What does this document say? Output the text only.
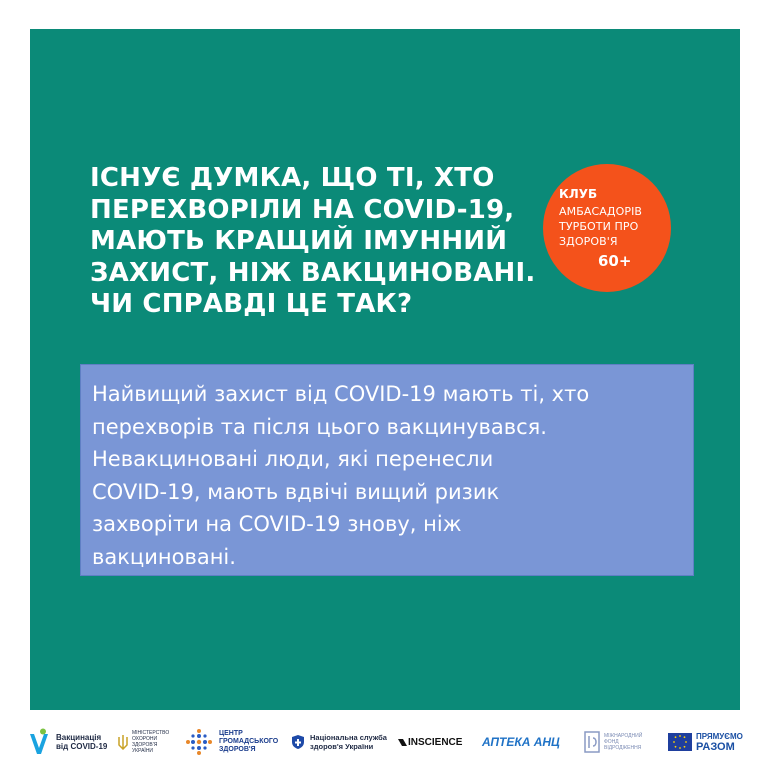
ІСНУЄ ДУМКА, ЩО ТІ, ХТО
ПЕРЕХВОРІЛИ НА COVID-19,
МАЮТЬ КРАЩИЙ ІМУННИЙ
ЗАХИСТ, НІЖ ВАКЦИНОВАНІ.
ЧИ СПРАВДІ ЦЕ ТАК?
КЛУБ
АМБАСАДОРІВ
ТУРБОТИ ПРО
ЗДОРОВ'Я
60+
Найвищий захист від COVID-19 мають ті, хто
перехворів та після цього вакцинувався.
Невакциновані люди, які перенесли
COVID-19, мають вдвічі вищий ризик
захворіти на COVID-19 знову, ніж
вакциновані.
Вакцинація
від COVID-19
МІНІСТЕРСТВО
ОХОРОНИ
ЗДОРОВ'Я
УКРАЇНИ
ЦЕНТР
ГРОМАДСЬКОГО
ЗДОРОВ'Я
Національна служба
здоров'я України	INSCIENCE АПТЕКА АНЦ	МІЖНАРОДНИЙ
ФОНД
ВІДРОДЖЕННЯ
ПРЯМУЄМО
РАЗОМ
